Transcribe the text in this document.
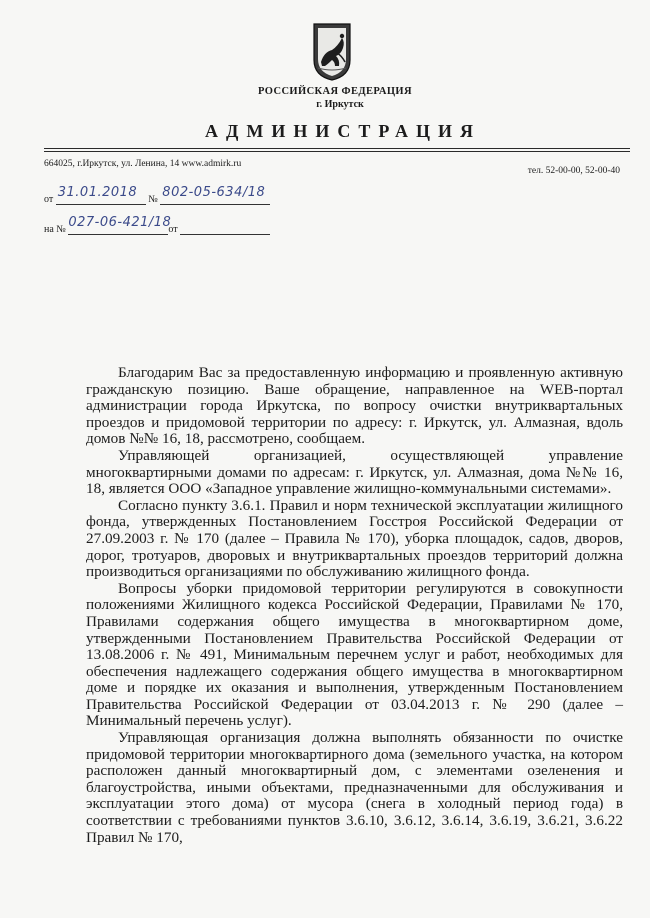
РОССИЙСКАЯ ФЕДЕРАЦИЯ
г. Иркутск
АДМИНИСТРАЦИЯ
664025, г.Иркутск, ул. Ленина, 14 www.admirk.ru
тел. 52-00-00, 52-00-40
от 31.01.2018 № 802-05-634/18
на № 027-06-421/18
от

Благодарим Вас за предоставленную информацию и проявленную активную гражданскую позицию. Ваше обращение, направленное на WEB-портал администрации города Иркутска, по вопросу очистки внутриквартальных проездов и придомовой территории по адресу: г. Иркутск, ул. Алмазная, вдоль домов №№ 16, 18, рассмотрено, сообщаем.

Управляющей организацией, осуществляющей управление многоквартирными домами по адресам: г. Иркутск, ул. Алмазная, дома №№ 16, 18, является ООО «Западное управление жилищно-коммунальными системами».

Согласно пункту 3.6.1. Правил и норм технической эксплуатации жилищного фонда, утвержденных Постановлением Госстроя Российской Федерации от 27.09.2003 г. № 170 (далее – Правила № 170), уборка площадок, садов, дворов, дорог, тротуаров, дворовых и внутриквартальных проездов территорий должна производиться организациями по обслуживанию жилищного фонда.

Вопросы уборки придомовой территории регулируются в совокупности положениями Жилищного кодекса Российской Федерации, Правилами № 170, Правилами содержания общего имущества в многоквартирном доме, утвержденными Постановлением Правительства Российской Федерации от 13.08.2006 г. № 491, Минимальным перечнем услуг и работ, необходимых для обеспечения надлежащего содержания общего имущества в многоквартирном доме и порядке их оказания и выполнения, утвержденным Постановлением Правительства Российской Федерации от 03.04.2013 г. № 290 (далее – Минимальный перечень услуг).

Управляющая организация должна выполнять обязанности по очистке придомовой территории многоквартирного дома (земельного участка, на котором расположен данный многоквартирный дом, с элементами озеленения и благоустройства, иными объектами, предназначенными для обслуживания и эксплуатации этого дома) от мусора (снега в холодный период года) в соответствии с требованиями пунктов 3.6.10, 3.6.12, 3.6.14, 3.6.19, 3.6.21, 3.6.22 Правил № 170,
